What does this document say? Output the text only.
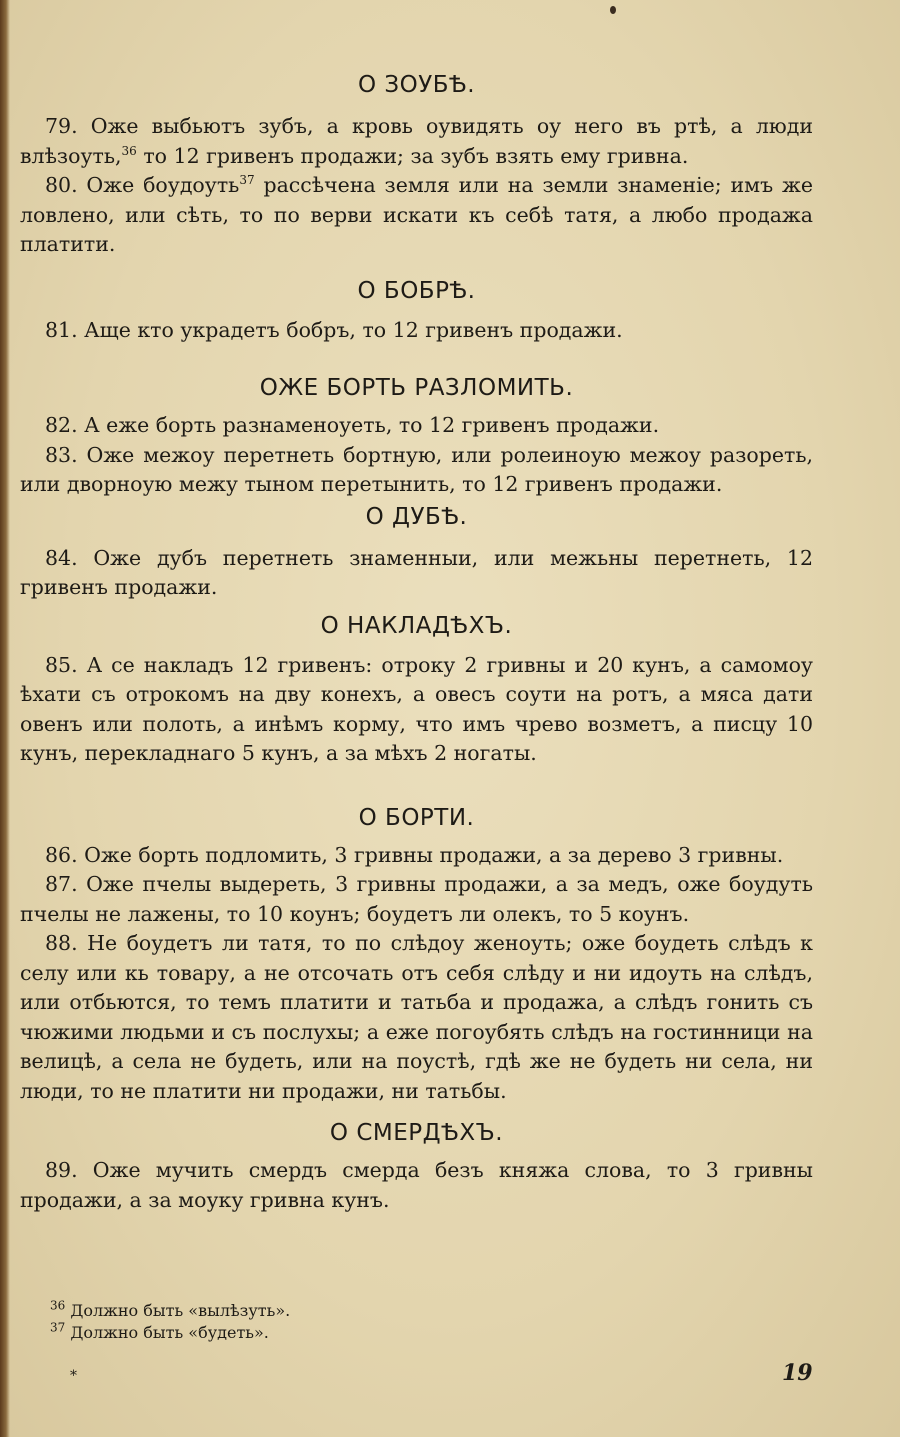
О ЗОУБѢ.

79. Оже выбьютъ зубъ, а кровь оувидять оу него въ ртѣ, а люди влѣзоуть,$^{36}$ то 12 гривенъ продажи; за зубъ взять ему гривна.

80. Оже боудоуть$^{37}$ рассѣчена земля или на земли знаменіе; имъ же ловлено, или сѣть, то по верви искати къ себѣ татя, а любо продажа платити.

О БОБРѢ.

81. Аще кто украдетъ бобръ, то 12 гривенъ продажи.

ОЖЕ БОРТЬ РАЗЛОМИТЬ.

82. А еже борть разнаменоуеть, то 12 гривенъ продажи.

83. Оже межоу перетнеть бортную, или ролеиноую межоу разореть, или дворноую межу тыном перетынить, то 12 гривенъ продажи.

О ДУБѢ.

84. Оже дубъ перетнеть знаменныи, или межьны перетнеть, 12 гривенъ продажи.

О НАКЛАДѢХЪ.

85. А се накладъ 12 гривенъ: отроку 2 гривны и 20 кунъ, а самомоу ѣхати съ отрокомъ на дву конехъ, а овесъ соути на ротъ, а мяса дати овенъ или полоть, а инѣмъ корму, что имъ чрево возметъ, а писцу 10 кунъ, перекладнаго 5 кунъ, а за мѣхъ 2 ногаты.

О БОРТИ.

86. Оже борть подломить, 3 гривны продажи, а за дерево 3 гривны.

87. Оже пчелы выдереть, 3 гривны продажи, а за медъ, оже боудуть пчелы не лажены, то 10 коунъ; боудетъ ли олекъ, то 5 коунъ.

88. Не боудетъ ли татя, то по слѣдоу женоуть; оже боудеть слѣдъ к селу или кь товару, а не отсочать отъ себя слѣду и ни идоуть на слѣдъ, или отбьются, то темъ платити и татьба и продажа, а слѣдъ гонить съ чюжими людьми и съ послухы; а еже погоубять слѣдъ на гостинници на велицѣ, а села не будеть, или на поустѣ, гдѣ же не будеть ни села, ни люди, то не платити ни продажи, ни татьбы.

О СМЕРДѢХЪ.

89. Оже мучить смердъ смерда безъ княжа слова, то 3 гривны продажи, а за моуку гривна кунъ.

$^{36}$ Должно быть «вылѣзуть».
$^{37}$ Должно быть «будеть».
*	19
